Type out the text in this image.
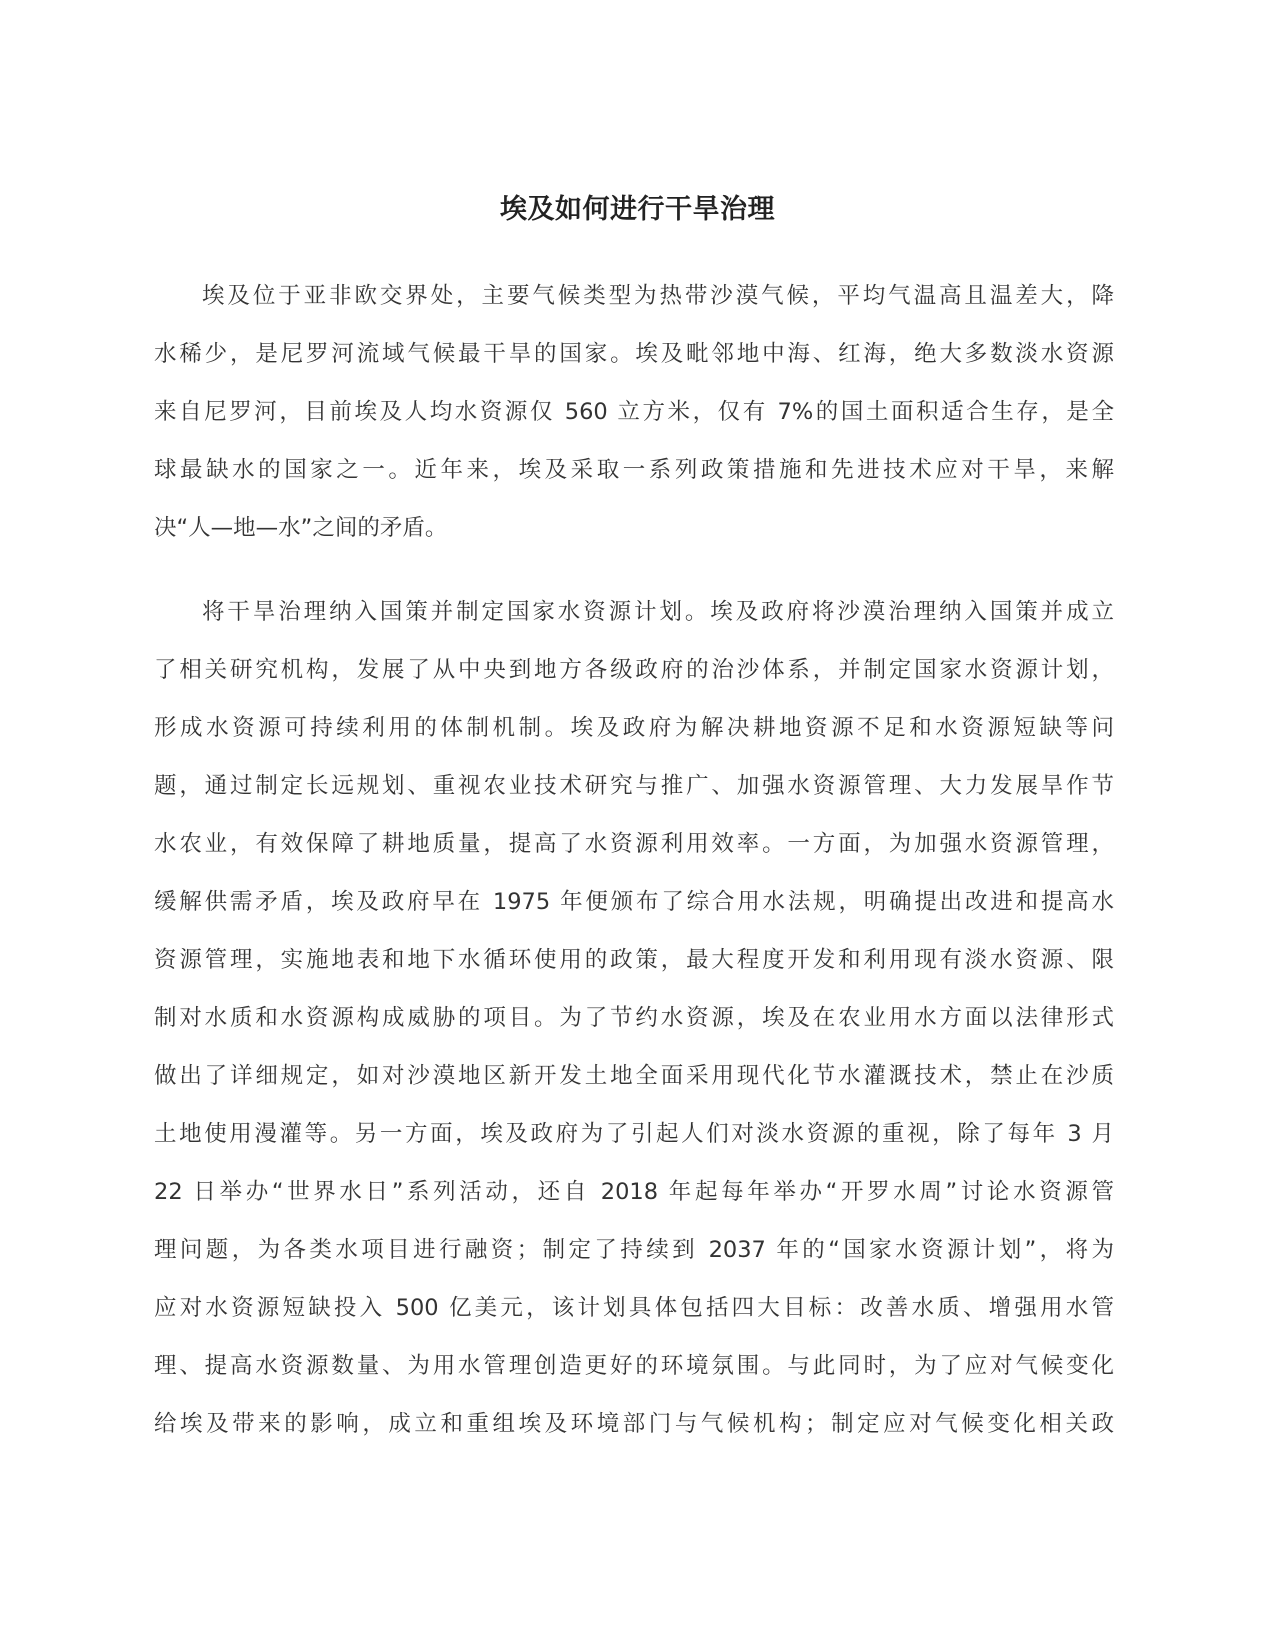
埃及如何进行干旱治理
埃及位于亚非欧交界处，主要气候类型为热带沙漠气候，平均气温高且温差大，降
水稀少，是尼罗河流域气候最干旱的国家。埃及毗邻地中海、红海，绝大多数淡水资源
来自尼罗河，目前埃及人均水资源仅 560 立方米，仅有 7%的国土面积适合生存，是全
球最缺水的国家之一。近年来，埃及采取一系列政策措施和先进技术应对干旱，来解
决“人—地—水”之间的矛盾。
将干旱治理纳入国策并制定国家水资源计划。埃及政府将沙漠治理纳入国策并成立
了相关研究机构，发展了从中央到地方各级政府的治沙体系，并制定国家水资源计划，
形成水资源可持续利用的体制机制。埃及政府为解决耕地资源不足和水资源短缺等问
题，通过制定长远规划、重视农业技术研究与推广、加强水资源管理、大力发展旱作节
水农业，有效保障了耕地质量，提高了水资源利用效率。一方面，为加强水资源管理，
缓解供需矛盾，埃及政府早在 1975 年便颁布了综合用水法规，明确提出改进和提高水
资源管理，实施地表和地下水循环使用的政策，最大程度开发和利用现有淡水资源、限
制对水质和水资源构成威胁的项目。为了节约水资源，埃及在农业用水方面以法律形式
做出了详细规定，如对沙漠地区新开发土地全面采用现代化节水灌溉技术，禁止在沙质
土地使用漫灌等。另一方面，埃及政府为了引起人们对淡水资源的重视，除了每年 3 月
22 日举办“世界水日”系列活动，还自 2018 年起每年举办“开罗水周”讨论水资源管
理问题，为各类水项目进行融资；制定了持续到 2037 年的“国家水资源计划”，将为
应对水资源短缺投入 500 亿美元，该计划具体包括四大目标：改善水质、增强用水管
理、提高水资源数量、为用水管理创造更好的环境氛围。与此同时，为了应对气候变化
给埃及带来的影响，成立和重组埃及环境部门与气候机构；制定应对气候变化相关政
